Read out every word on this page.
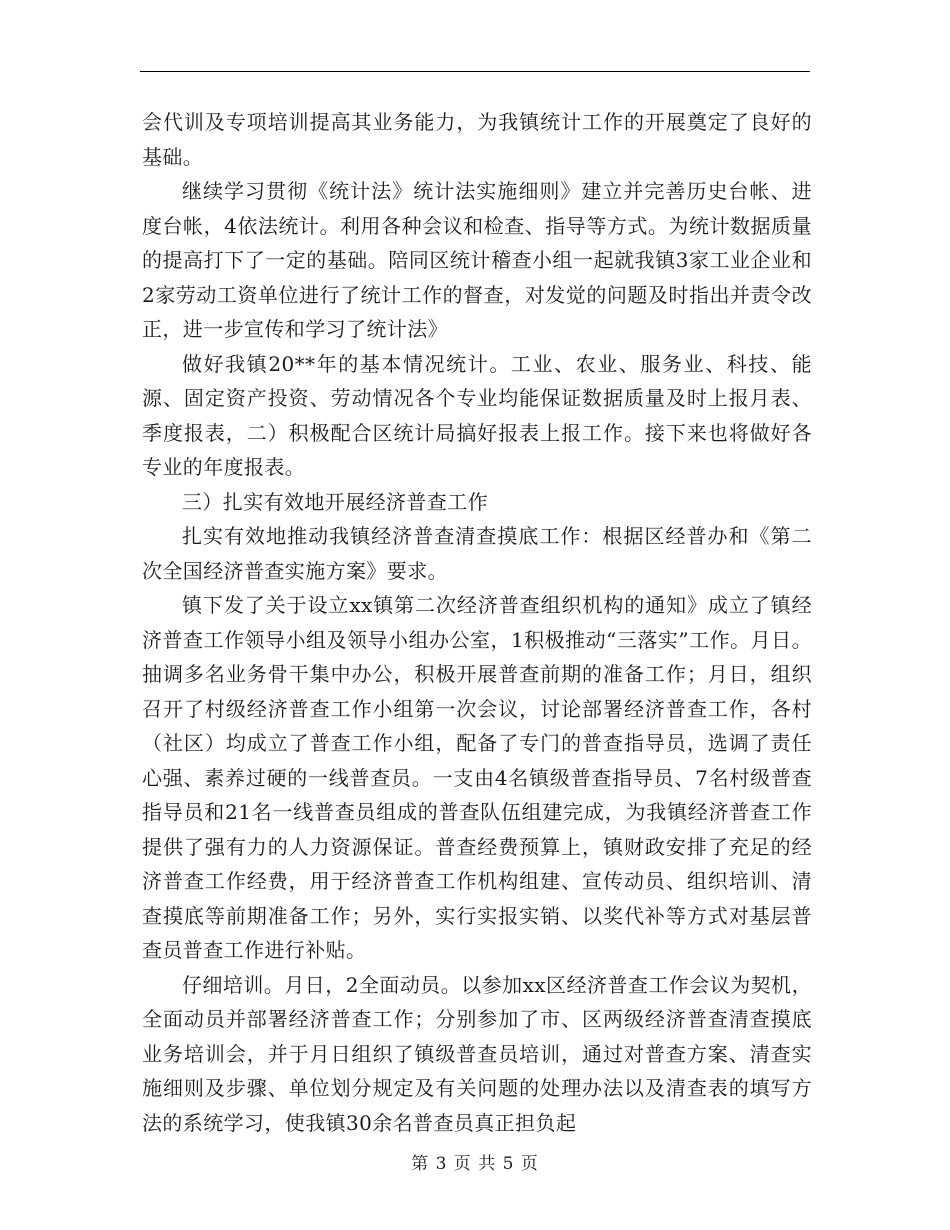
会代训及专项培训提高其业务能力，为我镇统计工作的开展奠定了良好的基础。

继续学习贯彻《统计法》统计法实施细则》建立并完善历史台帐、进度台帐，4依法统计。利用各种会议和检查、指导等方式。为统计数据质量的提高打下了一定的基础。陪同区统计稽查小组一起就我镇3家工业企业和2家劳动工资单位进行了统计工作的督查，对发觉的问题及时指出并责令改正，进一步宣传和学习了统计法》

做好我镇20**年的基本情况统计。工业、农业、服务业、科技、能源、固定资产投资、劳动情况各个专业均能保证数据质量及时上报月表、季度报表，二）积极配合区统计局搞好报表上报工作。接下来也将做好各专业的年度报表。

三）扎实有效地开展经济普查工作

扎实有效地推动我镇经济普查清查摸底工作：根据区经普办和《第二次全国经济普查实施方案》要求。

镇下发了关于设立xx镇第二次经济普查组织机构的通知》成立了镇经济普查工作领导小组及领导小组办公室，1积极推动“三落实”工作。月日。抽调多名业务骨干集中办公，积极开展普查前期的准备工作；月日，组织召开了村级经济普查工作小组第一次会议，讨论部署经济普查工作，各村（社区）均成立了普查工作小组，配备了专门的普查指导员，选调了责任心强、素养过硬的一线普查员。一支由4名镇级普查指导员、7名村级普查指导员和21名一线普查员组成的普查队伍组建完成，为我镇经济普查工作提供了强有力的人力资源保证。普查经费预算上，镇财政安排了充足的经济普查工作经费，用于经济普查工作机构组建、宣传动员、组织培训、清查摸底等前期准备工作；另外，实行实报实销、以奖代补等方式对基层普查员普查工作进行补贴。

仔细培训。月日，2全面动员。以参加xx区经济普查工作会议为契机，全面动员并部署经济普查工作；分别参加了市、区两级经济普查清查摸底业务培训会，并于月日组织了镇级普查员培训，通过对普查方案、清查实施细则及步骤、单位划分规定及有关问题的处理办法以及清查表的填写方法的系统学习，使我镇30余名普查员真正担负起

第 3 页 共 5 页
